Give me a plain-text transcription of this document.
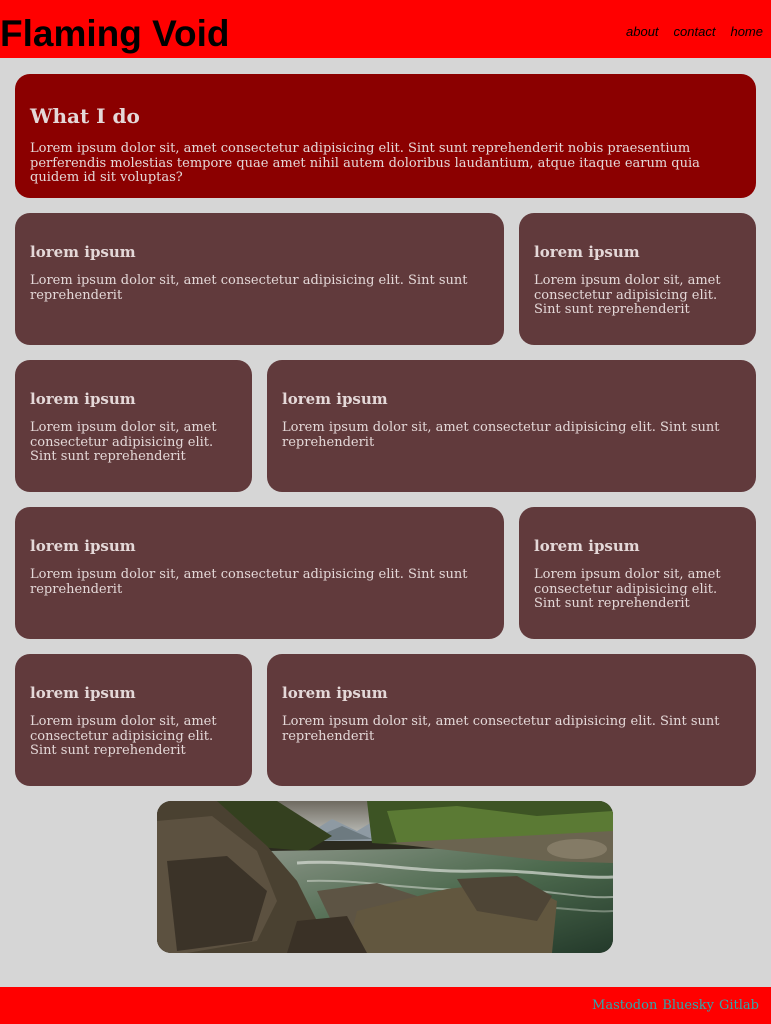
Flaming Void	about contact home
What I do

Lorem ipsum dolor sit, amet consectetur adipisicing elit. Sint sunt reprehenderit nobis praesentium perferendis molestias tempore quae amet nihil autem doloribus laudantium, atque itaque earum quia quidem id sit voluptas?

lorem ipsum

Lorem ipsum dolor sit, amet consectetur adipisicing elit. Sint sunt reprehenderit

lorem ipsum

Lorem ipsum dolor sit, amet consectetur adipisicing elit. Sint sunt reprehenderit

lorem ipsum

Lorem ipsum dolor sit, amet consectetur adipisicing elit. Sint sunt reprehenderit

lorem ipsum

Lorem ipsum dolor sit, amet consectetur adipisicing elit. Sint sunt reprehenderit

lorem ipsum

Lorem ipsum dolor sit, amet consectetur adipisicing elit. Sint sunt reprehenderit

lorem ipsum

Lorem ipsum dolor sit, amet consectetur adipisicing elit. Sint sunt reprehenderit

lorem ipsum

Lorem ipsum dolor sit, amet consectetur adipisicing elit. Sint sunt reprehenderit

lorem ipsum

Lorem ipsum dolor sit, amet consectetur adipisicing elit. Sint sunt reprehenderit

Mastodon Bluesky Gitlab
